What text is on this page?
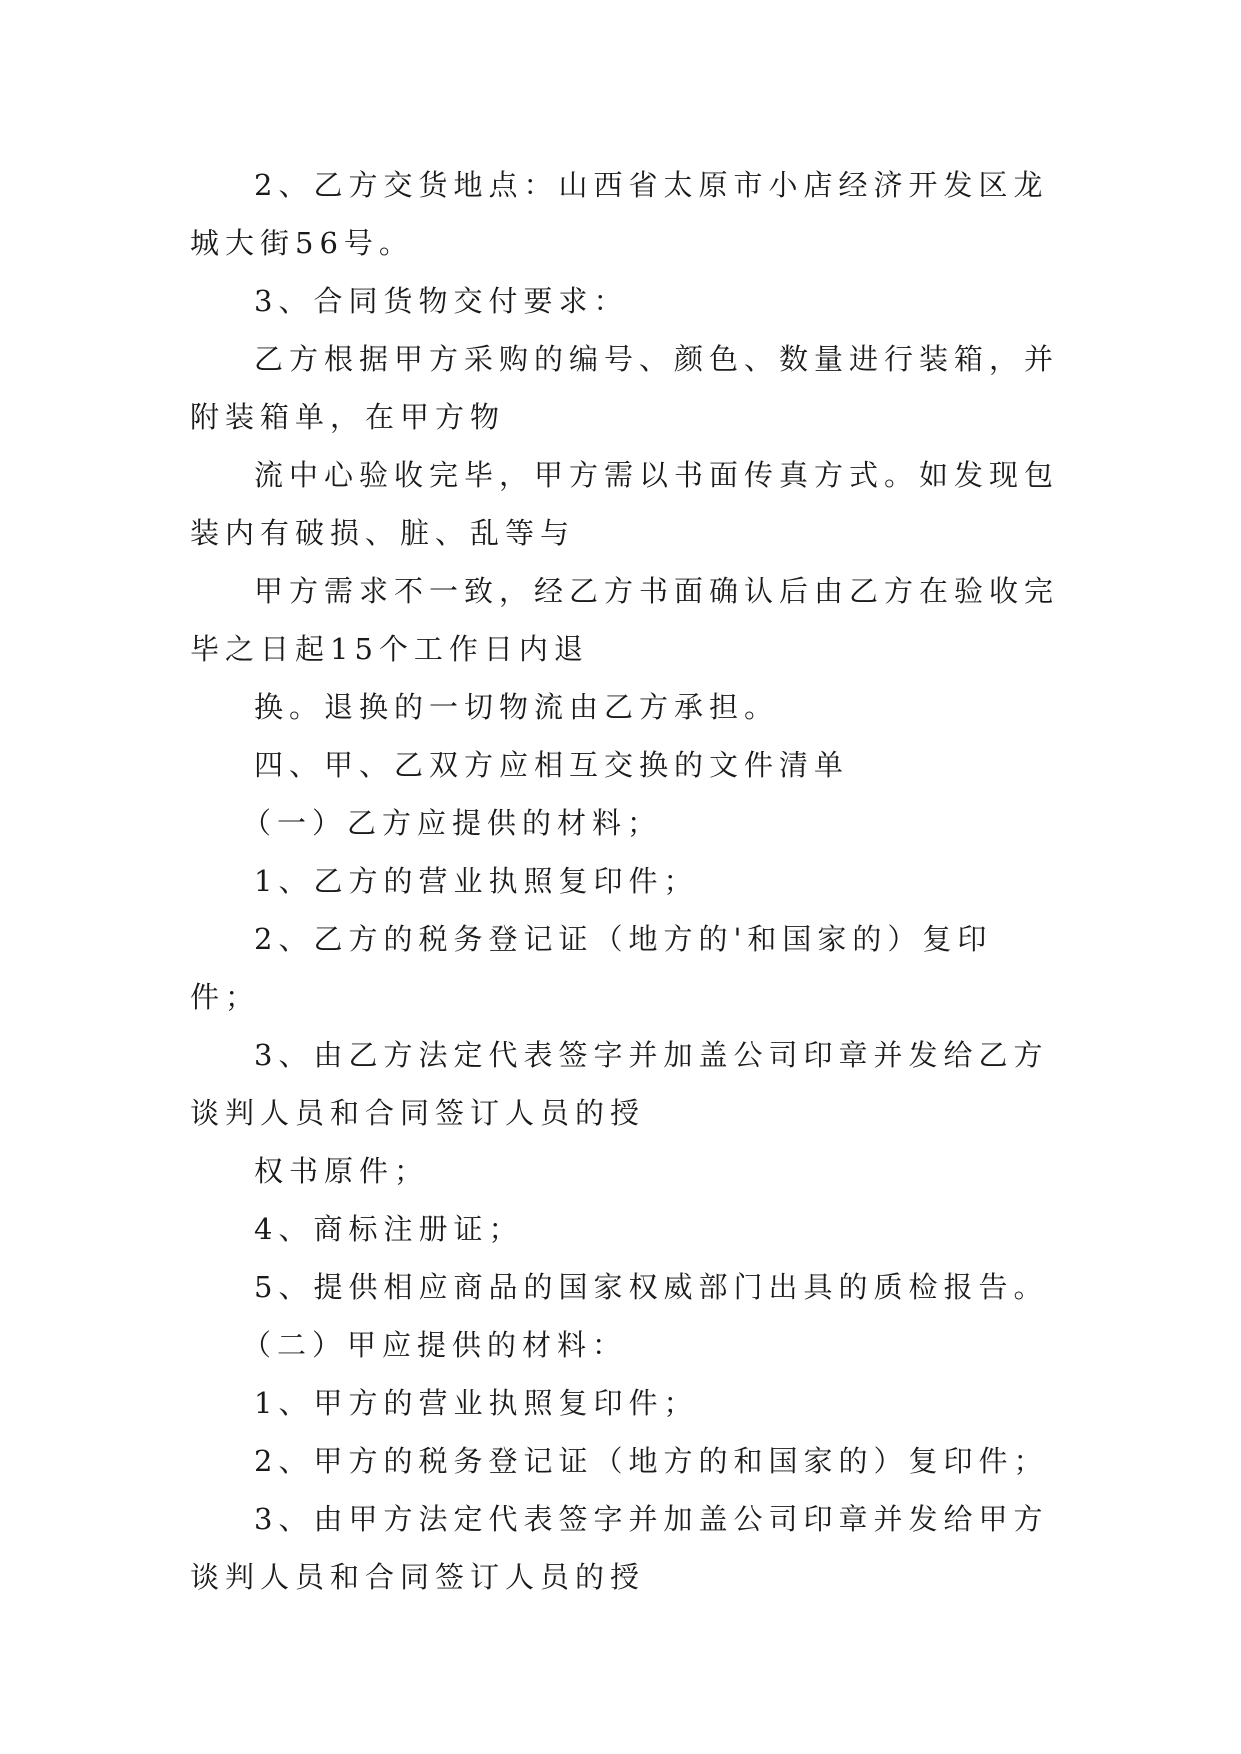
2、乙方交货地点：山西省太原市小店经济开发区龙城大街56号。

3、合同货物交付要求：

乙方根据甲方采购的编号、颜色、数量进行装箱，并附装箱单，在甲方物

流中心验收完毕，甲方需以书面传真方式。如发现包装内有破损、脏、乱等与

甲方需求不一致，经乙方书面确认后由乙方在验收完毕之日起15个工作日内退

换。退换的一切物流由乙方承担。

四、甲、乙双方应相互交换的文件清单

（一）乙方应提供的材料；

1、乙方的营业执照复印件；

2、乙方的税务登记证（地方的'和国家的）复印件；

3、由乙方法定代表签字并加盖公司印章并发给乙方谈判人员和合同签订人员的授

权书原件；

4、商标注册证；

5、提供相应商品的国家权威部门出具的质检报告。

（二）甲应提供的材料：

1、甲方的营业执照复印件；

2、甲方的税务登记证（地方的和国家的）复印件；

3、由甲方法定代表签字并加盖公司印章并发给甲方谈判人员和合同签订人员的授
